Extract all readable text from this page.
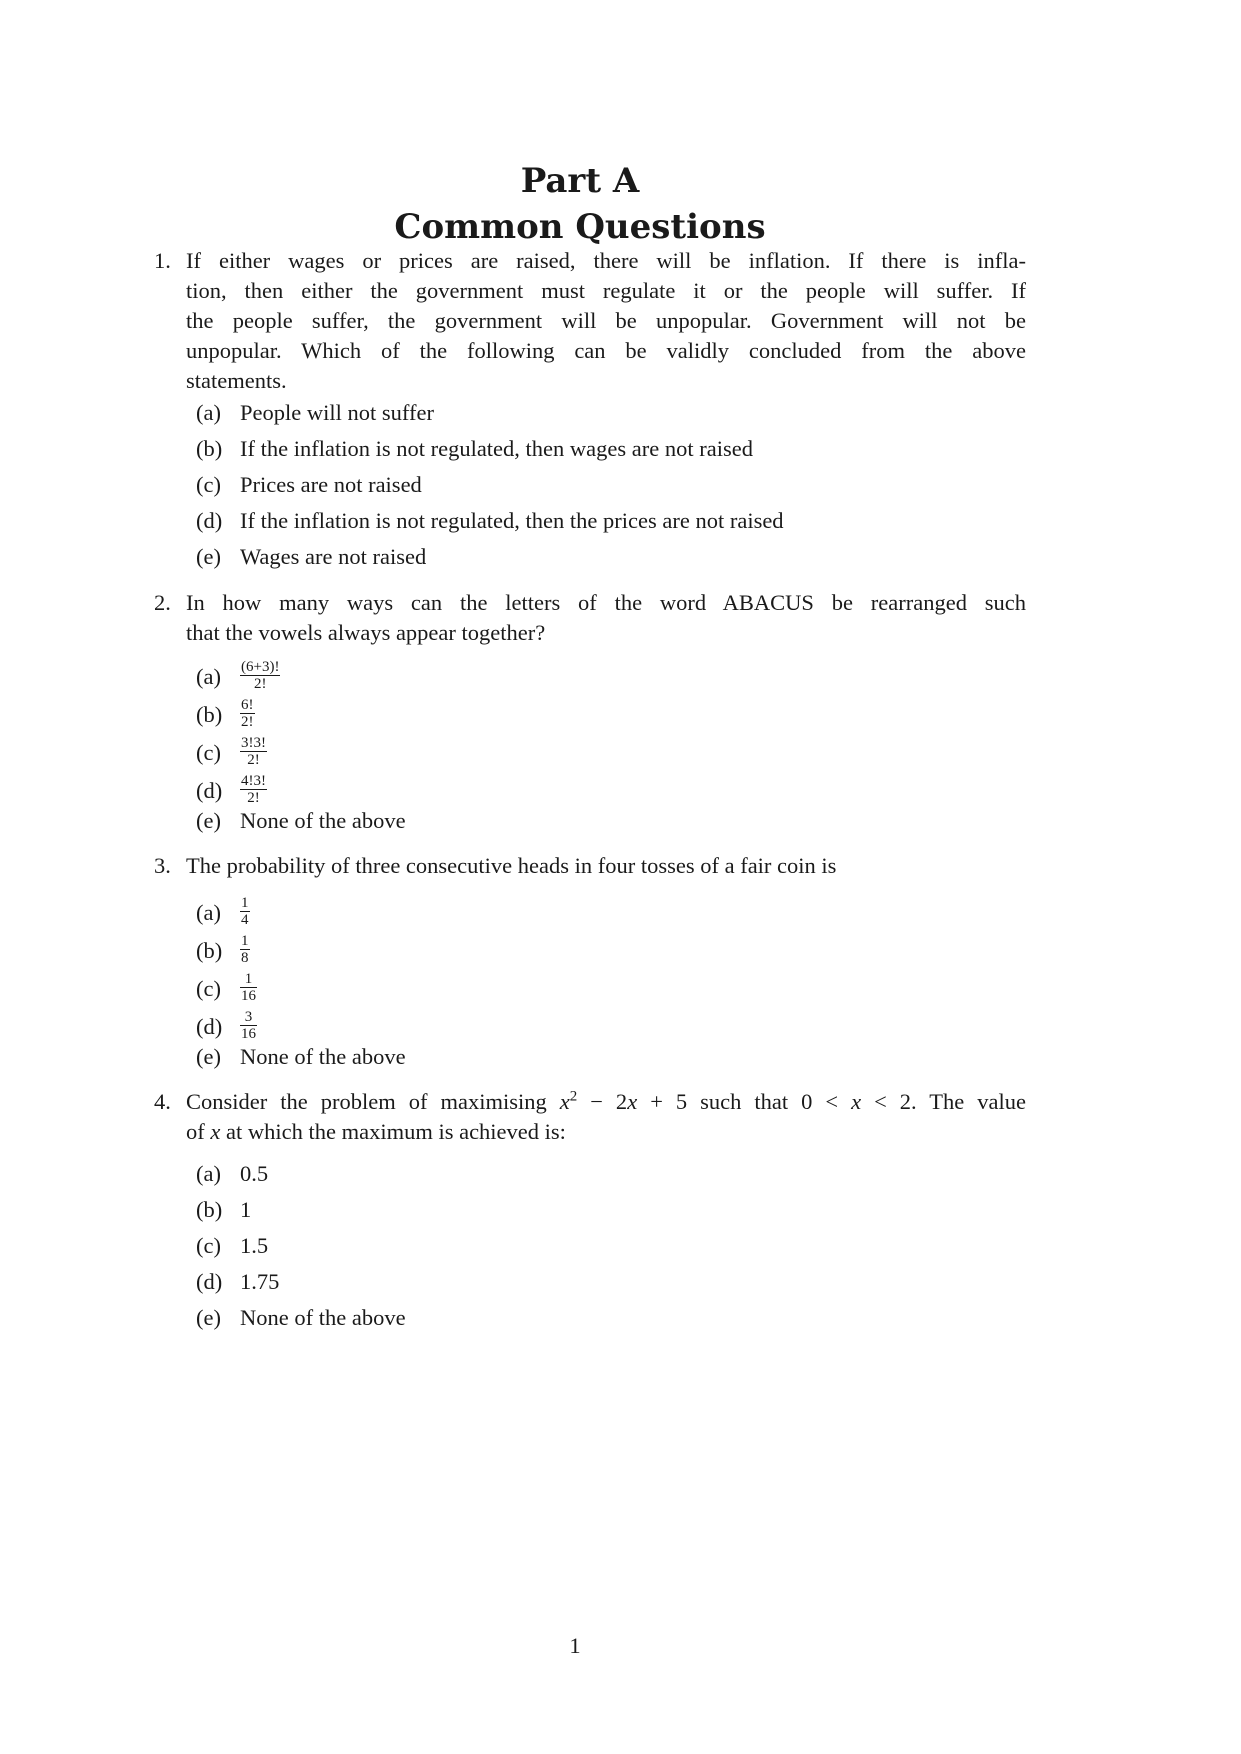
Part A
Common Questions
1. If either wages or prices are raised, there will be inflation. If there is infla-
tion, then either the government must regulate it or the people will suffer. If
the people suffer, the government will be unpopular. Government will not be
unpopular. Which of the following can be validly concluded from the above
statements.
(a) People will not suffer
(b) If the inflation is not regulated, then wages are not raised
(c) Prices are not raised
(d) If the inflation is not regulated, then the prices are not raised
(e) Wages are not raised
2. In how many ways can the letters of the word ABACUS be rearranged such
that the vowels always appear together?
$(a) \frac{(6+3)!}{2!}$
$(b) \frac{6!}{2!}$
$(c) \frac{3!3!}{2!}$
$(d) \frac{4!3!}{2!}$
(e) None of the above
3. The probability of three consecutive heads in four tosses of a fair coin is
$(a) \frac{1}{4}$
$(b) \frac{1}{8}$
$(c) \frac{1}{16}$
$(d) \frac{3}{16}$
(e) None of the above
4. Consider the problem of maximising $x^2 - 2x + 5$ such that 0 < x < 2. The value
of x at which the maximum is achieved is:
(a) 0.5
(b) 1
(c) 1.5
(d) 1.75
(e) None of the above
1
